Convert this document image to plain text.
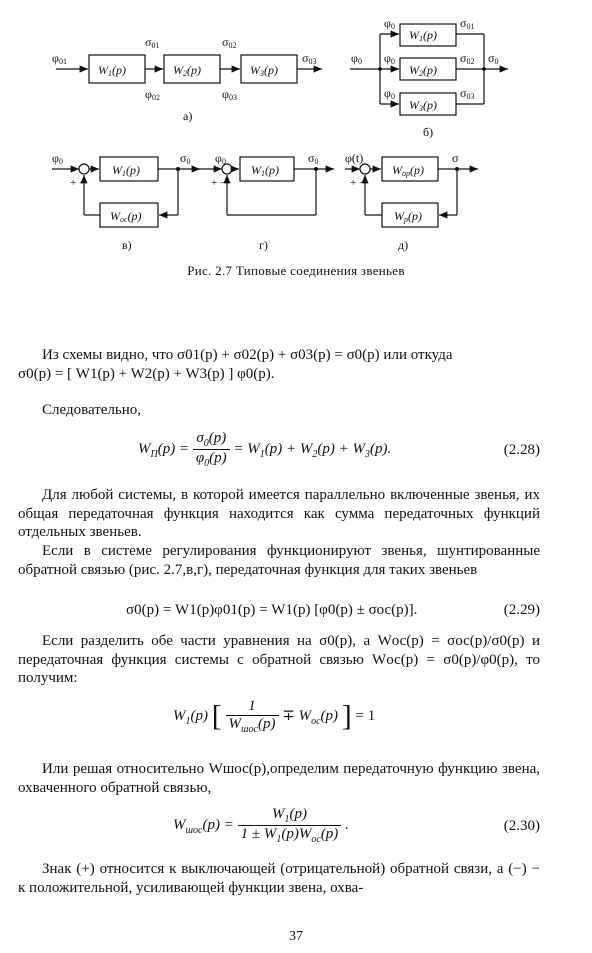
φ01
W1(p)	W2(p)	W3(p)
σ01	σ02
σ03
φ02	φ03
а)
φ0
φ0
φ0
φ0
W1(p)
W2(p)
W3(p)
σ01
σ02
σ03
σ0
б)
φ0
+ −
W1(p)
Wос(p)
σ0
в)
φ0
+ −
W1(p)
σ0
г)
φ(t)
+ −
Wор(p)
Wр(p)
σ
д)
Рис. 2.7 Типовые соединения звеньев
Из схемы видно, что σ01(p) + σ02(p) + σ03(p) = σ0(p) или откуда
σ0(p) = [ W1(p) + W2(p) + W3(p) ] φ0(p).
Следовательно,
$W_П(p) = \frac{\sigma_0(p)}{\varphi_0(p)} = W_1(p) + W_2(p) + W_3(p)$.	(2.28)
Для любой системы, в которой имеется параллельно включенные звенья, их общая передаточная функция находится как сумма передаточных функций отдельных звеньев.
Если в системе регулирования функционируют звенья, шунтированные обратной связью (рис. 2.7,в,г), передаточная функция для таких звеньев
σ0(p) = W1(p)φ01(p) = W1(p) [φ0(p) ± σос(p)].	(2.29)
Если разделить обе части уравнения на σ0(p), а Wос(p) = σос(p)/σ0(p) и передаточная функция системы с обратной связью Wос(p) = σ0(p)/φ0(p), то получим:
$W_1(p)$ [ $\frac{1}{W_{шос}(p)} \mp W_{ос}(p)$ ] = 1
Или решая относительно Wшос(p),определим передаточную функцию звена, охваченного обратной связью,
$W_{шос}(p) = \frac{W_1(p)}{1 \pm W_1(p)W_{ос}(p)}$ .	(2.30)
Знак (+) относится к выключающей (отрицательной) обратной связи, а (−) − к положительной, усиливающей функции звена, охва-
37
